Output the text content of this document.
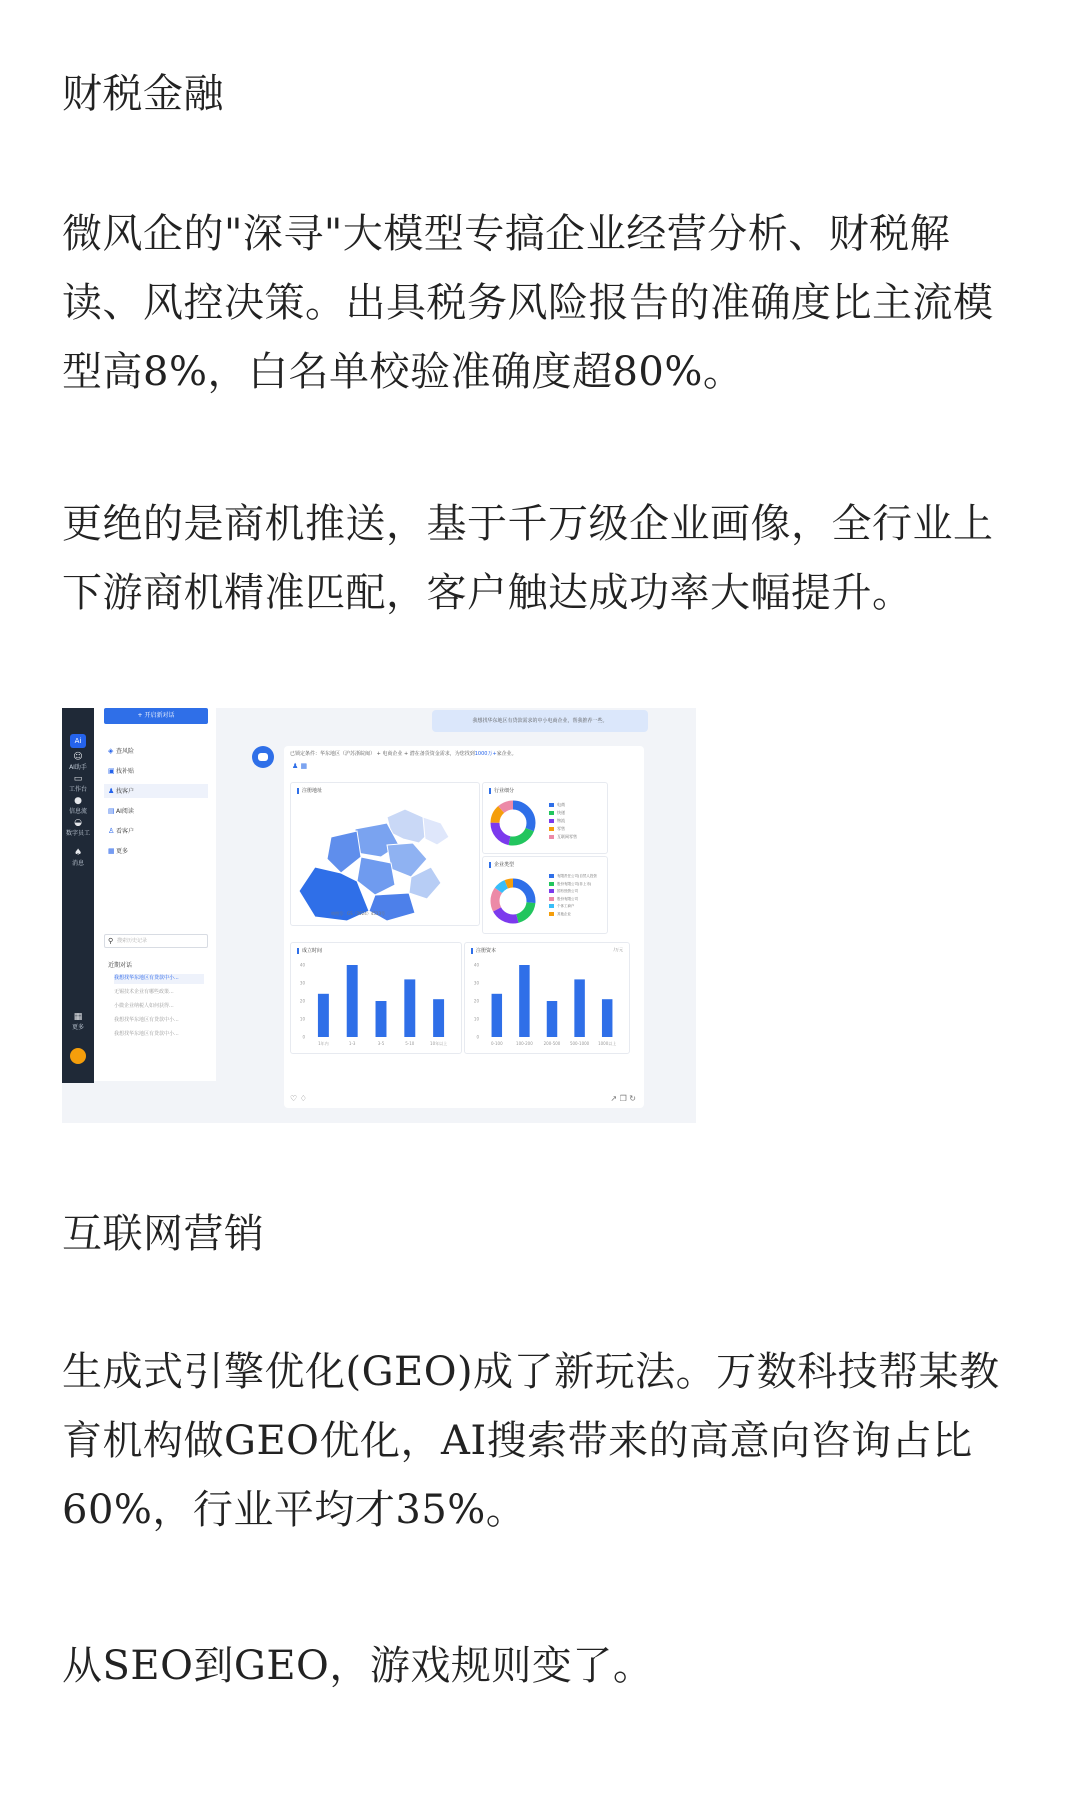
财税金融

微风企的"深寻"大模型专搞企业经营分析、财税解读、风控决策。出具税务风险报告的准确度比主流模型高8%，白名单校验准确度超80%。

更绝的是商机推送，基于千万级企业画像，全行业上下游商机精准匹配，客户触达成功率大幅提升。

Ai
☺
AI助手
▭
工作台
●
信息流
◒
数字员工
♠
消息
▦
更多
+ 开启新对话
◈ 查风险
▣找补贴
♟ 找客户
▤AI阅读
♙ 看客户
▦更多
⚲ 搜索历史记录
近期对话
我想找华东地区有贷款中小...
无锡技术企业有哪些政策...
小微企业纳税人如何获得...
我想找华东地区有贷款中小...
我想找华东地区有贷款中小...
我想找华东地区有贷款需求的中小电商企业，帮我推荐一些。
已锁定条件：华东地区（沪苏浙皖闽） + 电商企业 + 潜在备货资金需求，为您找到1000万+家企业。
♟ ▦
注册地址
审图号：GS（2024）4513号
行业细分
电商
快递
物流
零售
互联网零售
企业类型
有限责任公司(自然人投资
股份有限公司(非上市)
国有独资公司
股份有限公司
个体工商户
其他企业
成立时间
0
10
20
30
40
1年内	1-3	3-5	5-10	10年以上
注册资本	/万元
0
10
20
30
40
0-100	100-200	200-500 500-1000 1000以上
♡ ♢	↗ ❐ ↻

互联网营销

生成式引擎优化(GEO)成了新玩法。万数科技帮某教育机构做GEO优化，AI搜索带来的高意向咨询占比60%，行业平均才35%。

从SEO到GEO，游戏规则变了。
